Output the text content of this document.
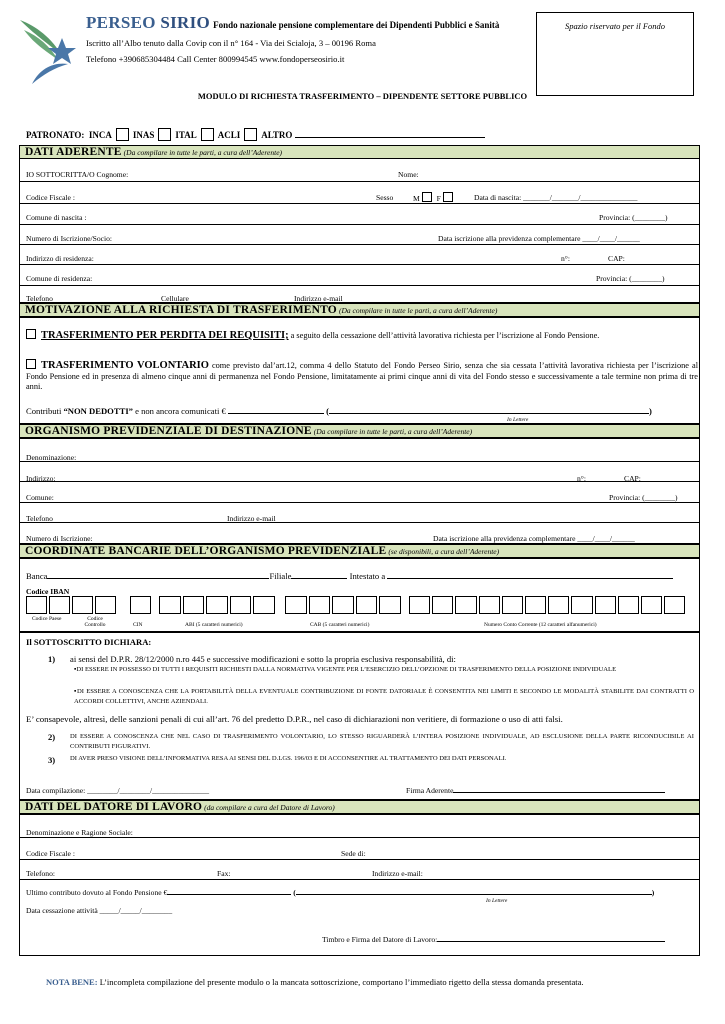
PERSEO SIRIO Fondo nazionale pensione complementare dei Dipendenti Pubblici e Sanità
Iscritto all’Albo tenuto dalla Covip con il n° 164 - Via dei Scialoja, 3 – 00196 Roma
Telefono +390685304484 Call Center 800994545 www.fondoperseosirio.it
Spazio riservato per il Fondo
MODULO DI RICHIESTA TRASFERIMENTO – DIPENDENTE SETTORE PUBBLICO
PATRONATO: INCA INAS ITAL ACLI ALTRO
DATI ADERENTE (Da compilare in tutte le parti, a cura dell’Aderente)
IO SOTTOCRITTA/O Cognome:	Nome:
Codice Fiscale :	Sesso	M F	Data di nascita: _______/_______/_______________
Comune di nascita :	Provincia: (________)
Numero di Iscrizione/Socio:	Data iscrizione alla previdenza complementare ____/____/______
Indirizzo di residenza:	n°:	CAP:
Comune di residenza:	Provincia: (________)
Telefono	Cellulare	Indirizzo e-mail
MOTIVAZIONE ALLA RICHIESTA DI TRASFERIMENTO (Da compilare in tutte le parti, a cura dell’Aderente)
TRASFERIMENTO PER PERDITA DEI REQUISITI; a seguito della cessazione dell’attività lavorativa richiesta per l’iscrizione al Fondo Pensione.
TRASFERIMENTO VOLONTARIO come previsto dal’art.12, comma 4 dello Statuto del Fondo Perseo Sirio, senza che sia cessata l’attività lavorativa richiesta per l’iscrizione al Fondo Pensione ed in presenza di almeno cinque anni di permanenza nel Fondo Pensione, limitatamente ai primi cinque anni di vita del Fondo stesso e successivamente a tale termine non prima di tre anni.
Contributi “NON DEDOTTI” e non ancora comunicati €	(	)
In Lettere
ORGANISMO PREVIDENZIALE DI DESTINAZIONE (Da compilare in tutte le parti, a cura dell’Aderente)
Denominazione:
Indirizzo:	n°:	CAP:
Comune:	Provincia: (________)
Telefono	Indirizzo e-mail
Numero di Iscrizione:	Data iscrizione alla previdenza complementare ____/____/______
COORDINATE BANCARIE DELL’ORGANISMO PREVIDENZIALE (se disponibili, a cura dell’Aderente)
Banca	Filiale	Intestato a
Codice IBAN
Codice Paese	Codice Controllo	CIN	ABI (5 caratteri numerici)	CAB (5 caratteri numerici)	Numero Conto Corrente (12 caratteri alfanumerici)
Il SOTTOSCRITTO DICHIARA:
1) ai sensi del D.P.R. 28/12/2000 n.ro 445 e successive modificazioni e sotto la propria esclusiva responsabilità, di:
▪DI ESSERE IN POSSESSO DI TUTTI I REQUISITI RICHIESTI DALLA NORMATIVA VIGENTE PER L’ESERCIZIO DELL’OPZIONE DI TRASFERIMENTO DELLA POSIZIONE INDIVIDUALE
▪DI ESSERE A CONOSCENZA CHE LA PORTABILITÀ DELLA EVENTUALE CONTRIBUZIONE DI FONTE DATORIALE È CONSENTITA NEI LIMITI E SECONDO LE MODALITÀ STABILITE DAI CONTRATTI O ACCORDI COLLETTIVI, ANCHE AZIENDALI.
E’ consapevole, altresì, delle sanzioni penali di cui all’art. 76 del predetto D.P.R., nel caso di dichiarazioni non veritiere, di formazione o uso di atti falsi.
2) DI ESSERE A CONOSCENZA CHE NEL CASO DI TRASFERIMENTO VOLONTARIO, LO STESSO RIGUARDERÀ L’INTERA POSIZIONE INDIVIDUALE, AD ESCLUSIONE DELLA PARTE RICONDUCIBILE AI CONTRIBUTI FIGURATIVI.
3) DI AVER PRESO VISIONE DELL’INFORMATIVA RESA AI SENSI DEL D.LGS. 196/03 E DI ACCONSENTIRE AL TRATTAMENTO DEI DATI PERSONALI.
Data compilazione: ________/________/_______________	Firma Aderente
DATI DEL DATORE DI LAVORO (da compilare a cura del Datore di Lavoro)
Denominazione e Ragione Sociale:
Codice Fiscale :	Sede di:
Telefono:	Fax:	Indirizzo e-mail:
Ultimo contributo dovuto al Fondo Pensione €	(	)
In Lettere
Data cessazione attività _____/_____/________
Timbro e Firma del Datore di Lavoro:
NOTA BENE: L’incompleta compilazione del presente modulo o la mancata sottoscrizione, comportano l’immediato rigetto della stessa domanda presentata.
